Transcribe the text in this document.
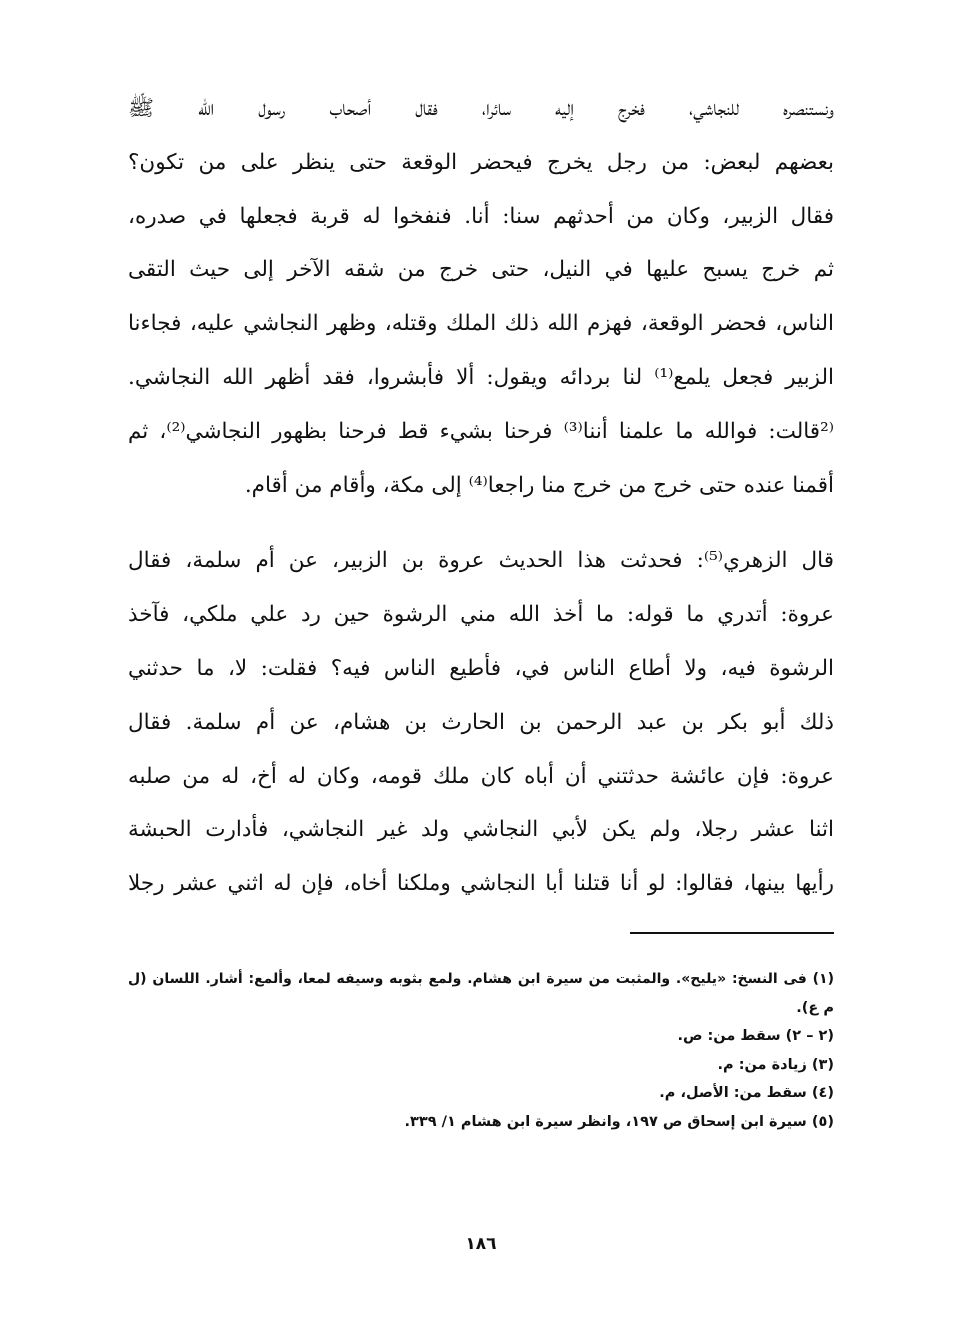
ونستنصره للنجاشي، فخرج إليه سائرا، فقال أصحاب رسول الله ﷺ
بعضهم لبعض: من رجل يخرج فيحضر الوقعة حتى ينظر على من تكون؟
فقال الزبير، وكان من أحدثهم سنا: أنا. فنفخوا له قربة فجعلها في صدره،
ثم خرج يسبح عليها في النيل، حتى خرج من شقه الآخر إلى حيث التقى
الناس، فحضر الوقعة، فهزم الله ذلك الملك وقتله، وظهر النجاشي عليه، فجاءنا
الزبير فجعل يلمع⁽¹⁾ لنا بردائه ويقول: ألا فأبشروا، فقد أظهر الله النجاشي.
⁽²قالت: فوالله ما علمنا أننا⁽³⁾ فرحنا بشيء قط فرحنا بظهور النجاشي⁽²⁾، ثم
أقمنا عنده حتى خرج من خرج منا راجعا⁽⁴⁾ إلى مكة، وأقام من أقام.
قال الزهري⁽⁵⁾: فحدثت هذا الحديث عروة بن الزبير، عن أم سلمة، فقال
عروة: أتدري ما قوله: ما أخذ الله مني الرشوة حين رد علي ملكي، فآخذ
الرشوة فيه، ولا أطاع الناس في، فأطيع الناس فيه؟ فقلت: لا، ما حدثني
ذلك أبو بكر بن عبد الرحمن بن الحارث بن هشام، عن أم سلمة. فقال
عروة: فإن عائشة حدثتني أن أباه كان ملك قومه، وكان له أخ، له من صلبه
اثنا عشر رجلا، ولم يكن لأبي النجاشي ولد غير النجاشي، فأدارت الحبشة
رأيها بينها، فقالوا: لو أنا قتلنا أبا النجاشي وملكنا أخاه، فإن له اثني عشر رجلا
(١) فى النسخ: «يليح». والمثبت من سيرة ابن هشام. ولمع بثوبه وسيفه لمعا، وألمع: أشار. اللسان (ل
م ع).
(٢ – ٢) سقط من: ص.
(٣) زيادة من: م.
(٤) سقط من: الأصل، م.
(٥) سيرة ابن إسحاق ص ١٩٧، وانظر سيرة ابن هشام ١/ ٣٣٩.
١٨٦
